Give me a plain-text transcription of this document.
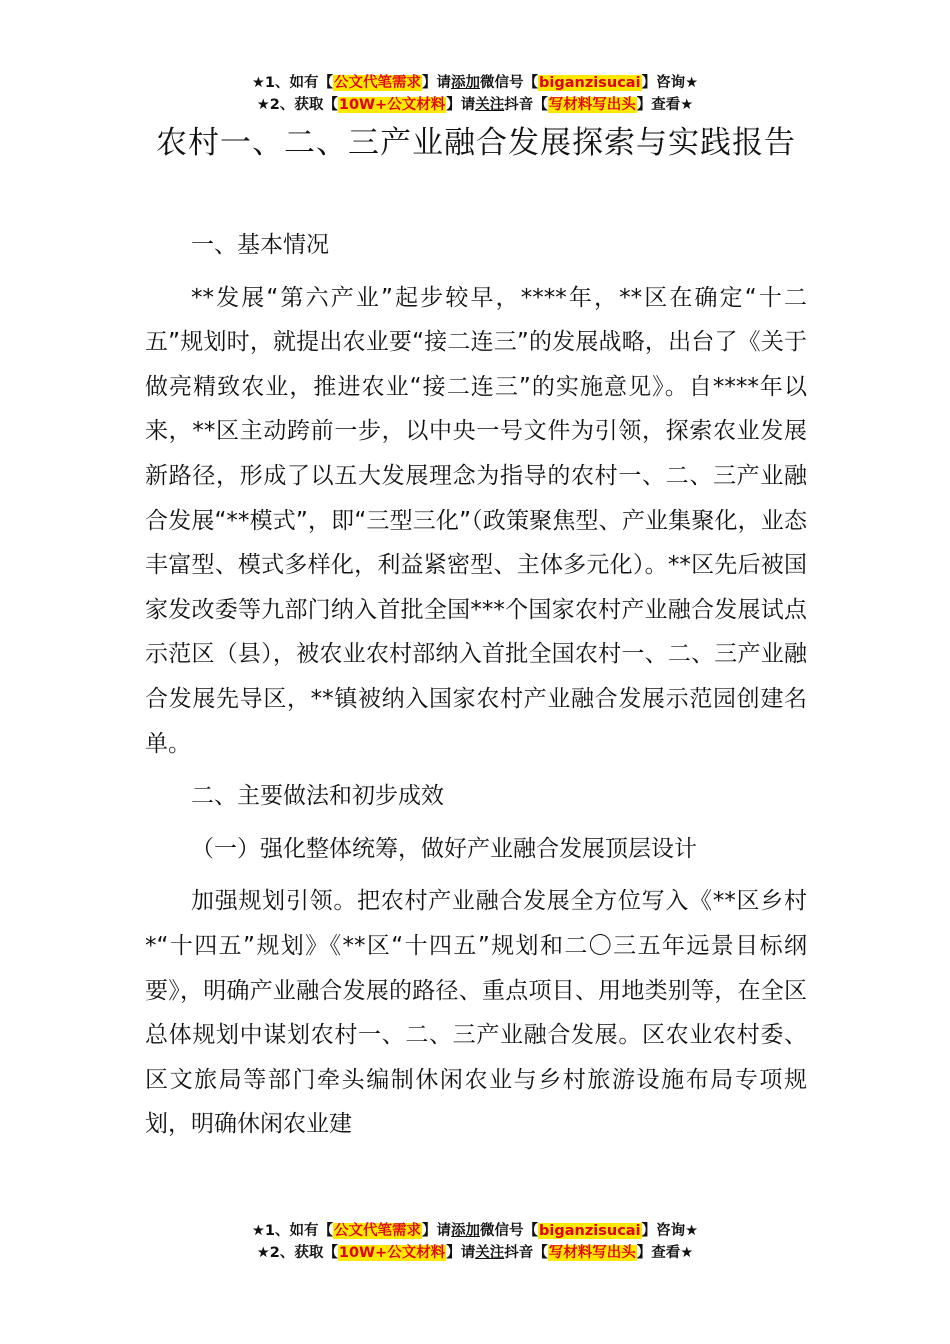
★1、如有【公文代笔需求】请添加微信号【biganzisucai】咨询★
★2、获取【10W+公文材料】请关注抖音【写材料写出头】查看★
农村一、二、三产业融合发展探索与实践报告

一、基本情况

**发展“第六产业”起步较早，****年，**区在确定“十二五”规划时，就提出农业要“接二连三”的发展战略，出台了《关于做亮精致农业，推进农业“接二连三”的实施意见》。自****年以来，**区主动跨前一步，以中央一号文件为引领，探索农业发展新路径，形成了以五大发展理念为指导的农村一、二、三产业融合发展“**模式”，即“三型三化”（政策聚焦型、产业集聚化，业态丰富型、模式多样化，利益紧密型、主体多元化）。**区先后被国家发改委等九部门纳入首批全国***个国家农村产业融合发展试点示范区（县），被农业农村部纳入首批全国农村一、二、三产业融合发展先导区，**镇被纳入国家农村产业融合发展示范园创建名单。

二、主要做法和初步成效

（一）强化整体统筹，做好产业融合发展顶层设计

加强规划引领。把农村产业融合发展全方位写入《**区乡村*“十四五”规划》《**区“十四五”规划和二〇三五年远景目标纲要》，明确产业融合发展的路径、重点项目、用地类别等，在全区总体规划中谋划农村一、二、三产业融合发展。区农业农村委、区文旅局等部门牵头编制休闲农业与乡村旅游设施布局专项规划，明确休闲农业建

★1、如有【公文代笔需求】请添加微信号【biganzisucai】咨询★
★2、获取【10W+公文材料】请关注抖音【写材料写出头】查看★
